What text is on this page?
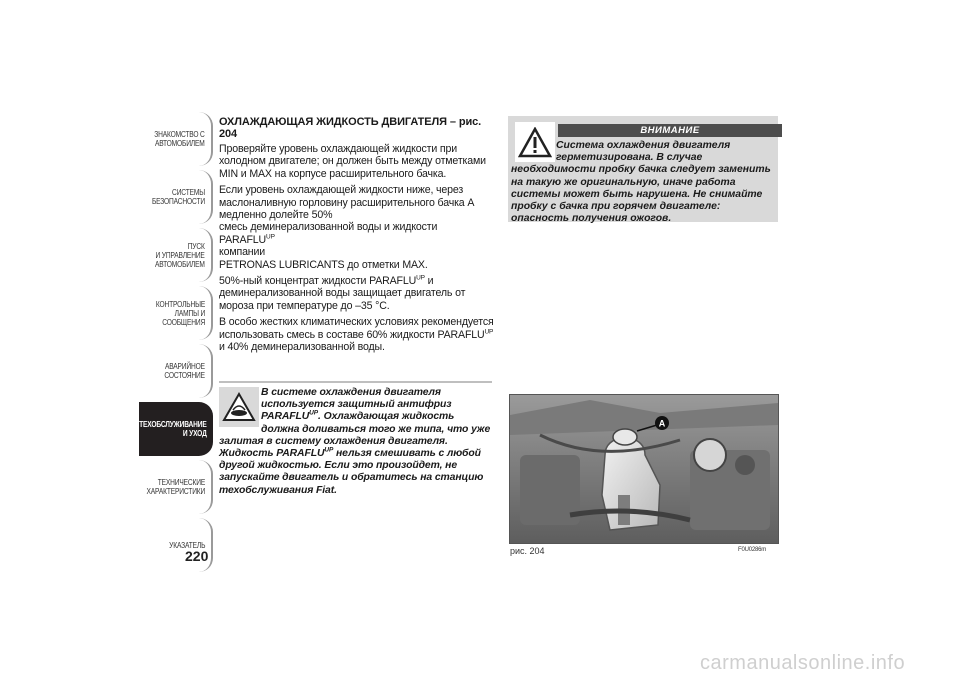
ЗНАКОМСТВО С
АВТОМОБИЛЕМ
СИСТЕМЫ
БЕЗОПАСНОСТИ
ПУСК
И УПРАВЛЕНИЕ
АВТОМОБИЛЕМ
КОНТРОЛЬНЫЕ
ЛАМПЫ И
СООБЩЕНИЯ
АВАРИЙНОЕ
СОСТОЯНИЕ
ТЕХОБСЛУЖИВАНИЕ
И УХОД
ТЕХНИЧЕСКИЕ
ХАРАКТЕРИСТИКИ
УКАЗАТЕЛЬ
220

ОХЛАЖДАЮЩАЯ ЖИДКОСТЬ ДВИГАТЕЛЯ – рис. 204

Проверяйте уровень охлаждающей жидкости при холодном двигателе; он должен быть между отметками MIN и MAX на корпусе расширительного бачка.

Если уровень охлаждающей жидкости ниже, через маслоналивную горловину расширительного бачка A медленно долейте 50%
смесь деминерализованной воды и жидкости $PARAFLU^{UP}$
компании
PETRONAS LUBRICANTS до отметки MAX.

50%-ный концентрат жидкости $PARAFLU^{UP}$ и деминерализованной воды защищает двигатель от мороза при температуре до –35 °C.

В особо жестких климатических условиях рекомендуется использовать смесь в составе 60% жидкости $PARAFLU^{UP}$ и 40% деминерализованной воды.

В системе охлаждения двигателя
используется защитный антифриз
$PARAFLU^{UP}$. Охлаждающая жидкость
должна доливаться того же типа, что уже
залитая в систему охлаждения двигателя. Жидкость $PARAFLU^{UP}$ нельзя смешивать с любой другой жидкостью. Если это произойдет, не запускайте двигатель и обратитесь на станцию техобслуживания Fiat.

ВНИМАНИЕ

Система охлаждения двигателя
герметизирована. В случае
необходимости пробку бачка следует заменить на такую же оригинальную, иначе работа системы может быть нарушена. Не снимайте пробку с бачка при горячем двигателе: опасность получения ожогов.

A
рис. 204	F0U0286m
carmanualsonline.info
